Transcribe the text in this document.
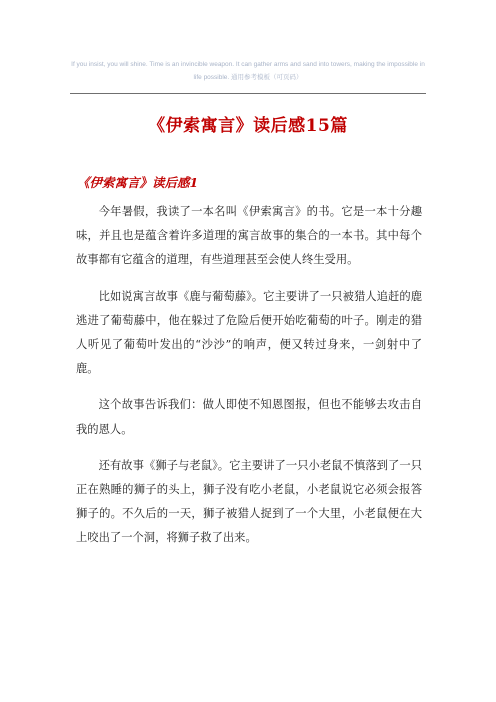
If you insist, you will shine. Time is an invincible weapon. It can gather arms and sand into towers, making the impossible in life possible. 通用参考模板（可页码）
《伊索寓言》读后感15篇
《伊索寓言》读后感1

今年暑假，我读了一本名叫《伊索寓言》的书。它是一本十分趣味，并且也是蕴含着许多道理的寓言故事的集合的一本书。其中每个故事都有它蕴含的道理，有些道理甚至会使人终生受用。

比如说寓言故事《鹿与葡萄藤》。它主要讲了一只被猎人追赶的鹿逃进了葡萄藤中，他在躲过了危险后便开始吃葡萄的叶子。刚走的猎人听见了葡萄叶发出的“沙沙”的响声，便又转过身来，一剑射中了鹿。

这个故事告诉我们：做人即使不知恩图报，但也不能够去攻击自我的恩人。

还有故事《狮子与老鼠》。它主要讲了一只小老鼠不慎落到了一只正在熟睡的狮子的头上，狮子没有吃小老鼠，小老鼠说它必须会报答狮子的。不久后的一天，狮子被猎人捉到了一个大里，小老鼠便在大上咬出了一个洞，将狮子救了出来。
